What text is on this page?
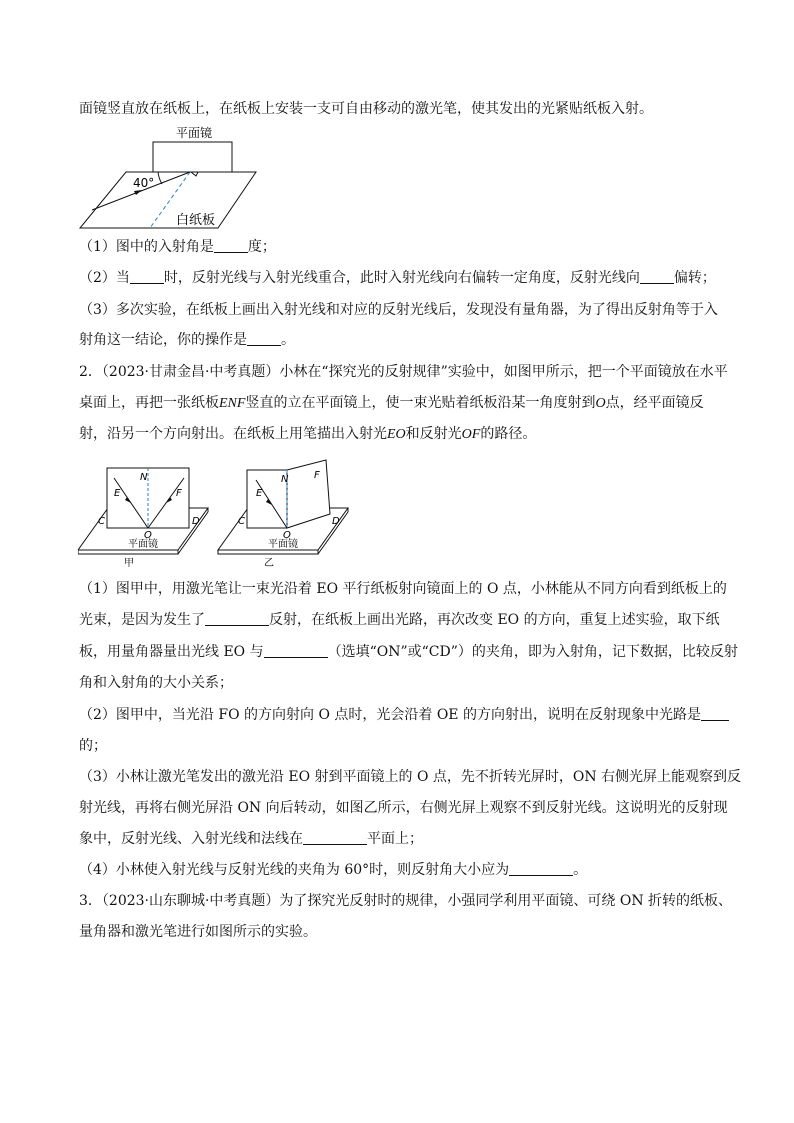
面镜竖直放在纸板上，在纸板上安装一支可自由移动的激光笔，使其发出的光紧贴纸板入射。
平面镜
40°
白纸板
（1）图中的入射角是 度；
（2）当 时，反射光线与入射光线重合，此时入射光线向右偏转一定角度，反射光线向 偏转；
（3）多次实验，在纸板上画出入射光线和对应的反射光线后，发现没有量角器，为了得出反射角等于入
射角这一结论，你的操作是 。
2．（2023·甘肃金昌·中考真题）小林在“探究光的反射规律”实验中，如图甲所示，把一个平面镜放在水平
桌面上，再把一张纸板ENF竖直的立在平面镜上，使一束光贴着纸板沿某一角度射到O点，经平面镜反
射，沿另一个方向射出。在纸板上用笔描出入射光EO和反射光OF的路径。
E
N
F
C
O
D
平面镜
甲
E
N	F
C
O
D
平面镜
乙
（1）图甲中，用激光笔让一束光沿着 EO 平行纸板射向镜面上的 O 点，小林能从不同方向看到纸板上的
光束，是因为发生了	反射，在纸板上画出光路，再次改变 EO 的方向，重复上述实验，取下纸
板，用量角器量出光线 EO 与	（选填“ON”或“CD”）的夹角，即为入射角，记下数据，比较反射
角和入射角的大小关系；
（2）图甲中，当光沿 FO 的方向射向 O 点时，光会沿着 OE 的方向射出，说明在反射现象中光路是
的；
（3）小林让激光笔发出的激光沿 EO 射到平面镜上的 O 点，先不折转光屏时，ON 右侧光屏上能观察到反
射光线，再将右侧光屏沿 ON 向后转动，如图乙所示，右侧光屏上观察不到反射光线。这说明光的反射现
象中，反射光线、入射光线和法线在	平面上；
（4）小林使入射光线与反射光线的夹角为 60°时，则反射角大小应为	。
3．（2023·山东聊城·中考真题）为了探究光反射时的规律，小强同学利用平面镜、可绕 ON 折转的纸板、
量角器和激光笔进行如图所示的实验。
